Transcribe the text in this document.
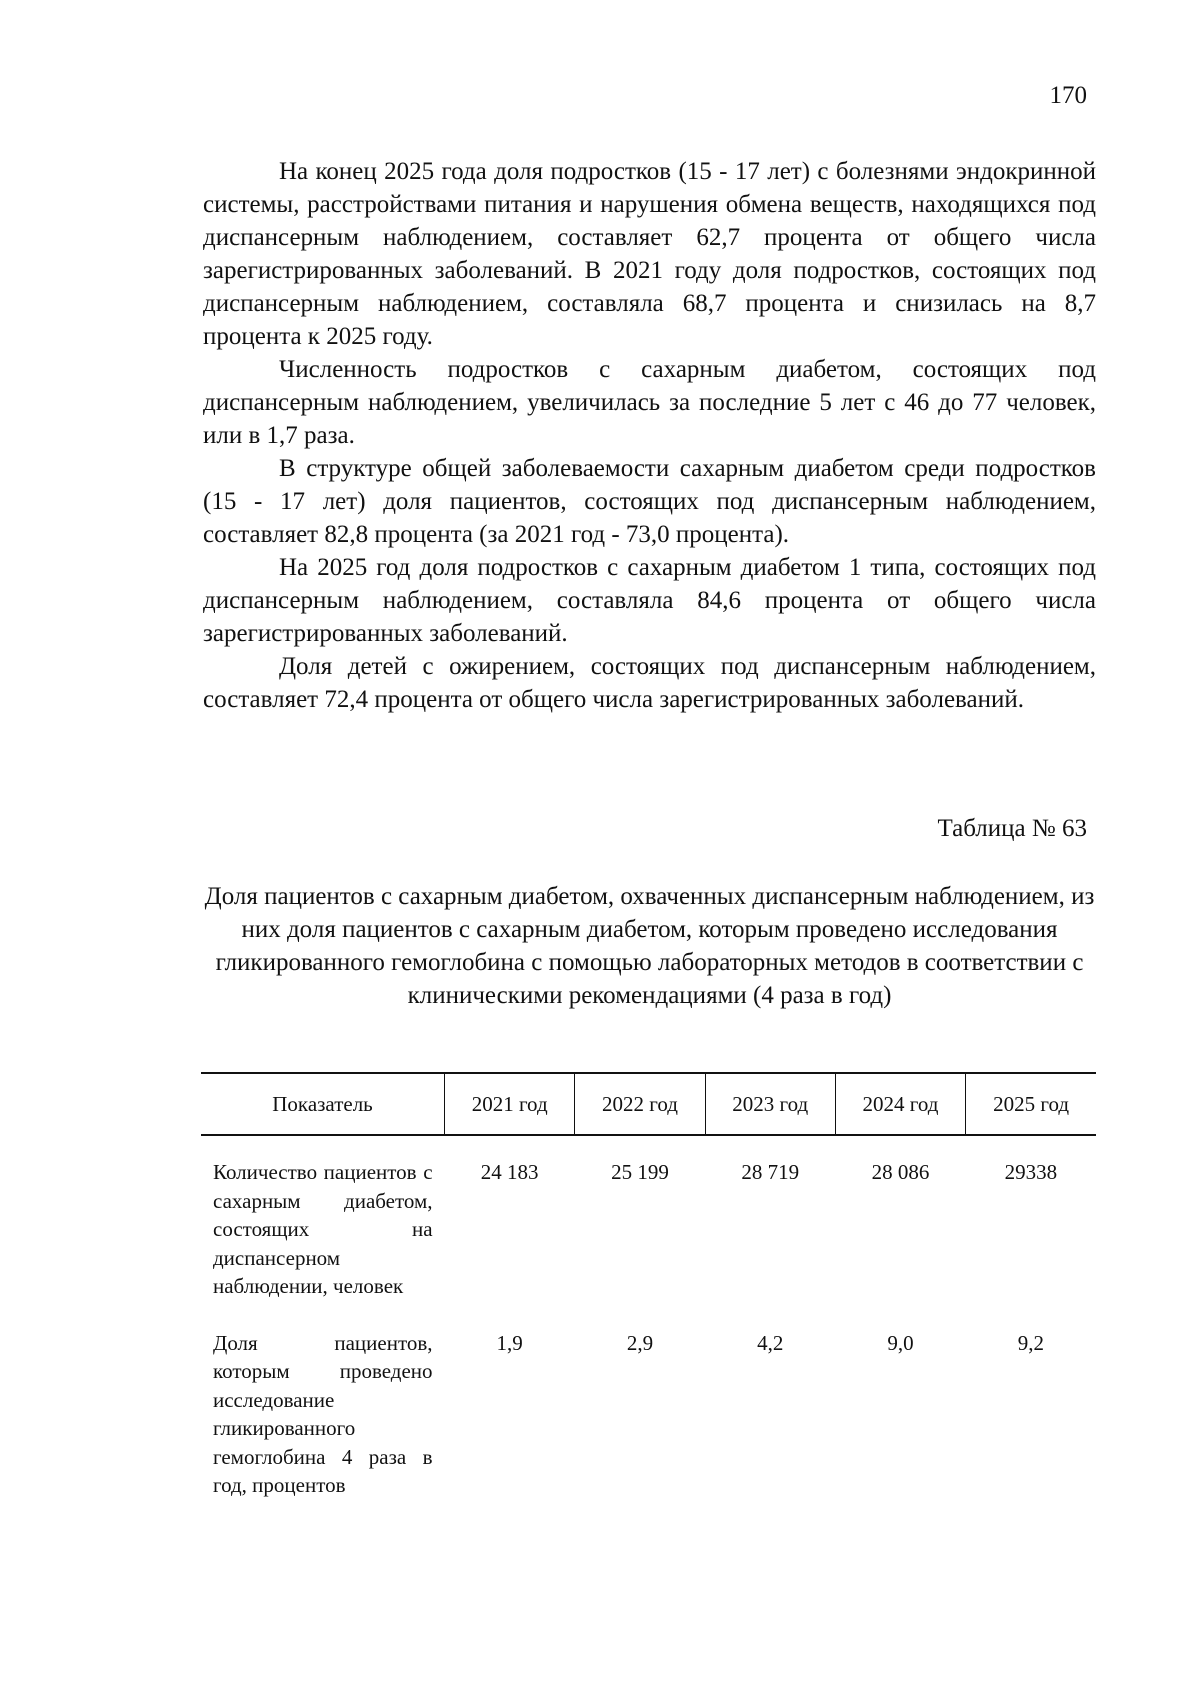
170

На конец 2025 года доля подростков (15 - 17 лет) с болезнями эндокринной системы, расстройствами питания и нарушения обмена веществ, находящихся под диспансерным наблюдением, составляет 62,7 процента от общего числа зарегистрированных заболеваний. В 2021 году доля подростков, состоящих под диспансерным наблюдением, составляла 68,7 процента и снизилась на 8,7 процента к 2025 году.

Численность подростков с сахарным диабетом, состоящих под диспансерным наблюдением, увеличилась за последние 5 лет с 46 до 77 человек, или в 1,7 раза.

В структуре общей заболеваемости сахарным диабетом среди подростков (15 - 17 лет) доля пациентов, состоящих под диспансерным наблюдением, составляет 82,8 процента (за 2021 год - 73,0 процента).

На 2025 год доля подростков с сахарным диабетом 1 типа, состоящих под диспансерным наблюдением, составляла 84,6 процента от общего числа зарегистрированных заболеваний.

Доля детей с ожирением, состоящих под диспансерным наблюдением, составляет 72,4 процента от общего числа зарегистрированных заболеваний.

Таблица № 63

Доля пациентов с сахарным диабетом, охваченных диспансерным наблюдением, из них доля пациентов с сахарным диабетом, которым проведено исследования гликированного гемоглобина с помощью лабораторных методов в соответствии с клиническими рекомендациями (4 раза в год)

Показатель	2021 год	2022 год	2023 год	2024 год	2025 год
Количество пациентов с сахарным диабетом, состоящих на диспансерном наблюдении, человек	24 183	25 199	28 719	28 086	29338
Доля пациентов, которым проведено исследование гликированного гемоглобина 4 раза в год, процентов	1,9	2,9	4,2	9,0	9,2
